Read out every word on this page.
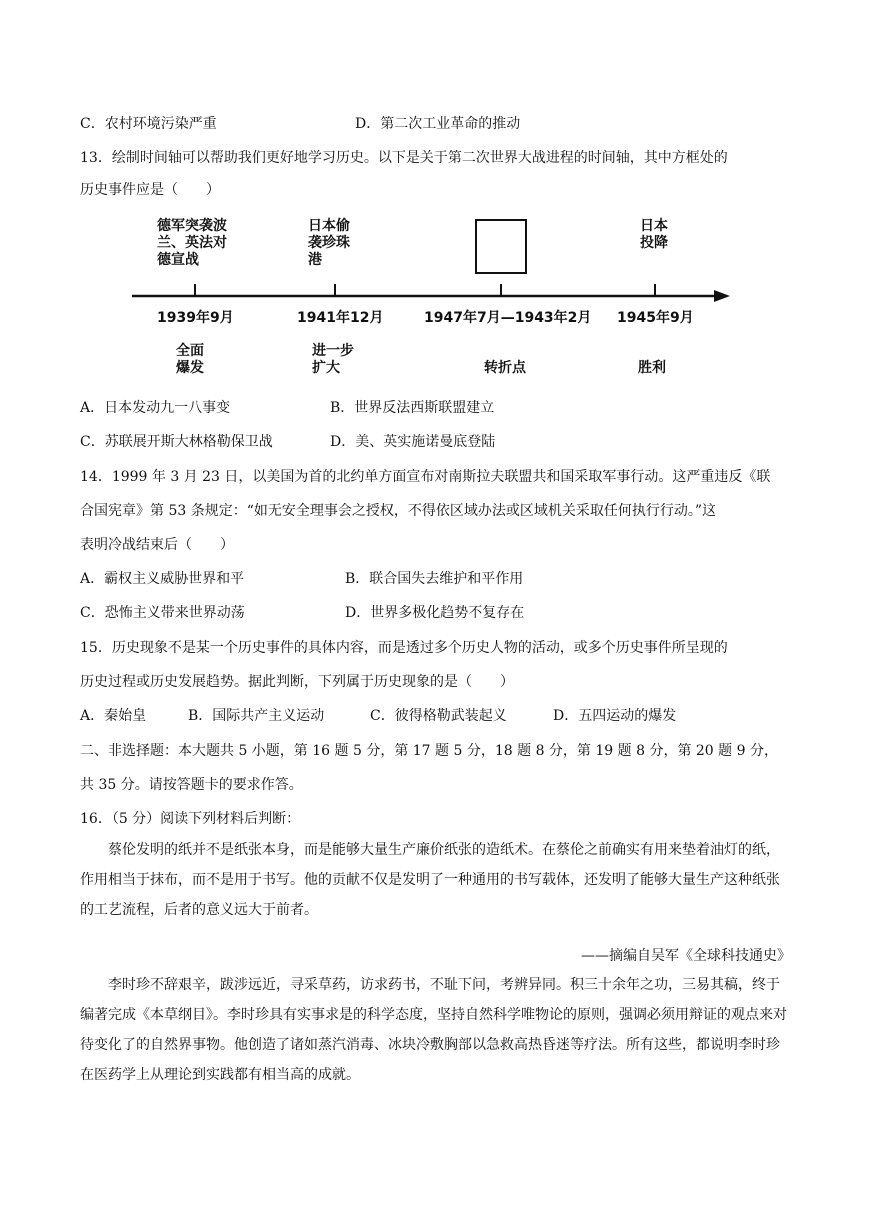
C．农村环境污染严重	D．第二次工业革命的推动
13．绘制时间轴可以帮助我们更好地学习历史。以下是关于第二次世界大战进程的时间轴，其中方框处的
历史事件应是（　　）
德军突袭波
兰、英法对
德宣战
日本偷
袭珍珠
港
日本
投降
1939年9月	1941年12月	1947年7月—1943年2月 1945年9月
全面
爆发
进一步
扩大	转折点	胜利
A．日本发动九一八事变	B．世界反法西斯联盟建立
C．苏联展开斯大林格勒保卫战	D．美、英实施诺曼底登陆
14．1999 年 3 月 23 日，以美国为首的北约单方面宣布对南斯拉夫联盟共和国采取军事行动。这严重违反《联
合国宪章》第 53 条规定：“如无安全理事会之授权，不得依区域办法或区域机关采取任何执行行动。”这
表明冷战结束后（　　）
A．霸权主义威胁世界和平	B．联合国失去维护和平作用
C．恐怖主义带来世界动荡	D．世界多极化趋势不复存在
15．历史现象不是某一个历史事件的具体内容，而是透过多个历史人物的活动，或多个历史事件所呈现的
历史过程或历史发展趋势。据此判断，下列属于历史现象的是（　　）
A．秦始皇	B．国际共产主义运动	C．彼得格勒武装起义	D．五四运动的爆发
二、非选择题：本大题共 5 小题，第 16 题 5 分，第 17 题 5 分，18 题 8 分，第 19 题 8 分，第 20 题 9 分，
共 35 分。请按答题卡的要求作答。
16．（5 分）阅读下列材料后判断：
蔡伦发明的纸并不是纸张本身，而是能够大量生产廉价纸张的造纸术。在蔡伦之前确实有用来垫着油灯的纸，作用相当于抹布，而不是用于书写。他的贡献不仅是发明了一种通用的书写载体，还发明了能够大量生产这种纸张的工艺流程，后者的意义远大于前者。
——摘编自吴军《全球科技通史》
李时珍不辞艰辛，跋涉远近，寻采草药，访求药书，不耻下问，考辨异同。积三十余年之功，三易其稿，终于编著完成《本草纲目》。李时珍具有实事求是的科学态度，坚持自然科学唯物论的原则，强调必须用辩证的观点来对待变化了的自然界事物。他创造了诸如蒸汽消毒、冰块冷敷胸部以急救高热昏迷等疗法。所有这些，都说明李时珍在医药学上从理论到实践都有相当高的成就。
